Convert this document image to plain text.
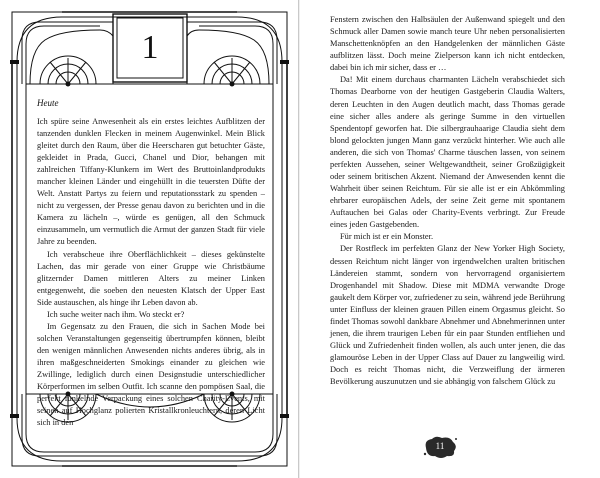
1
Heute

Ich spüre seine Anwesenheit als ein erstes leichtes Aufblitzen der tanzenden dunklen Flecken in meinem Augenwinkel. Mein Blick gleitet durch den Raum, über die Heerscharen gut betuchter Gäste, gekleidet in Prada, Gucci, Chanel und Dior, behangen mit zahlreichen Tiffany-Klunkern im Wert des Bruttoinlandprodukts mancher kleinen Länder und eingehüllt in die teuersten Düfte der Welt. Anstatt Partys zu feiern und reputationsstark zu spenden – nicht zu vergessen, der Presse genau davon zu berichten und in die Kamera zu lächeln –, würde es genügen, all den Schmuck einzusammeln, um vermutlich die Armut der ganzen Stadt für viele Jahre zu beenden.

Ich verabscheue ihre Oberflächlichkeit – dieses gekünstelte Lachen, das mir gerade von einer Gruppe wie Christbäume glitzernder Damen mittleren Alters zu meiner Linken entgegenweht, die soeben den neuesten Klatsch der Upper East Side austauschen, als hinge ihr Leben davon ab.

Ich suche weiter nach ihm. Wo steckt er?

Im Gegensatz zu den Frauen, die sich in Sachen Mode bei solchen Veranstaltungen gegenseitig übertrumpfen können, bleibt den wenigen männlichen Anwesenden nichts anderes übrig, als in ihren maßgeschneiderten Smokings einander zu gleichen wie Zwillinge, lediglich durch einen Designstudie unterschiedlicher Körperformen im selben Outfit. Ich scanne den pompösen Saal, die perfekt funkelnde Verpackung eines solchen Charity-Events, mit seinen auf Hochglanz polierten Kristallkronleuchtern, deren Licht sich in den

Fenstern zwischen den Halbsäulen der Außenwand spiegelt und den Schmuck aller Damen sowie manch teure Uhr neben personalisierten Manschettenknöpfen an den Handgelenken der männlichen Gäste aufblitzen lässt. Doch meine Zielperson kann ich nicht entdecken, dabei bin ich mir sicher, dass er …

Da! Mit einem durchaus charmanten Lächeln verabschiedet sich Thomas Dearborne von der heutigen Gastgeberin Claudia Walters, deren Leuchten in den Augen deutlich macht, dass Thomas gerade eine sicher alles andere als geringe Summe in den virtuellen Spendentopf geworfen hat. Die silbergrauhaarige Claudia sieht dem blond gelockten jungen Mann ganz verzückt hinterher. Wie auch alle anderen, die sich von Thomas' Charme täuschen lassen, von seinem perfekten Aussehen, seiner Weltgewandtheit, seiner Großzügigkeit oder seinem britischen Akzent. Niemand der Anwesenden kennt die Wahrheit über seinen Reichtum. Für sie alle ist er ein Abkömmling ehrbarer europäischen Adels, der seine Zeit gerne mit spontanem Auftauchen bei Galas oder Charity-Events verbringt. Zur Freude eines jeden Gastgebenden.

Für mich ist er ein Monster.

Der Rostfleck im perfekten Glanz der New Yorker High Society, dessen Reichtum nicht länger von irgendwelchen uralten britischen Ländereien stammt, sondern von hervorragend organisiertem Drogenhandel mit Shadow. Diese mit MDMA verwandte Droge gaukelt dem Körper vor, zufriedener zu sein, während jede Berührung unter Einfluss der kleinen grauen Pillen einem Orgasmus gleicht. So findet Thomas sowohl dankbare Abnehmer und Abnehmerinnen unter jenen, die ihrem traurigen Leben für ein paar Stunden entfliehen und Glück und Zufriedenheit finden wollen, als auch unter jenen, die das glamouröse Leben in der Upper Class auf Dauer zu langweilig wird. Doch es reicht Thomas nicht, die Verzweiflung der ärmeren Bevölkerung auszunutzen und sie abhängig von falschem Glück zu

11
